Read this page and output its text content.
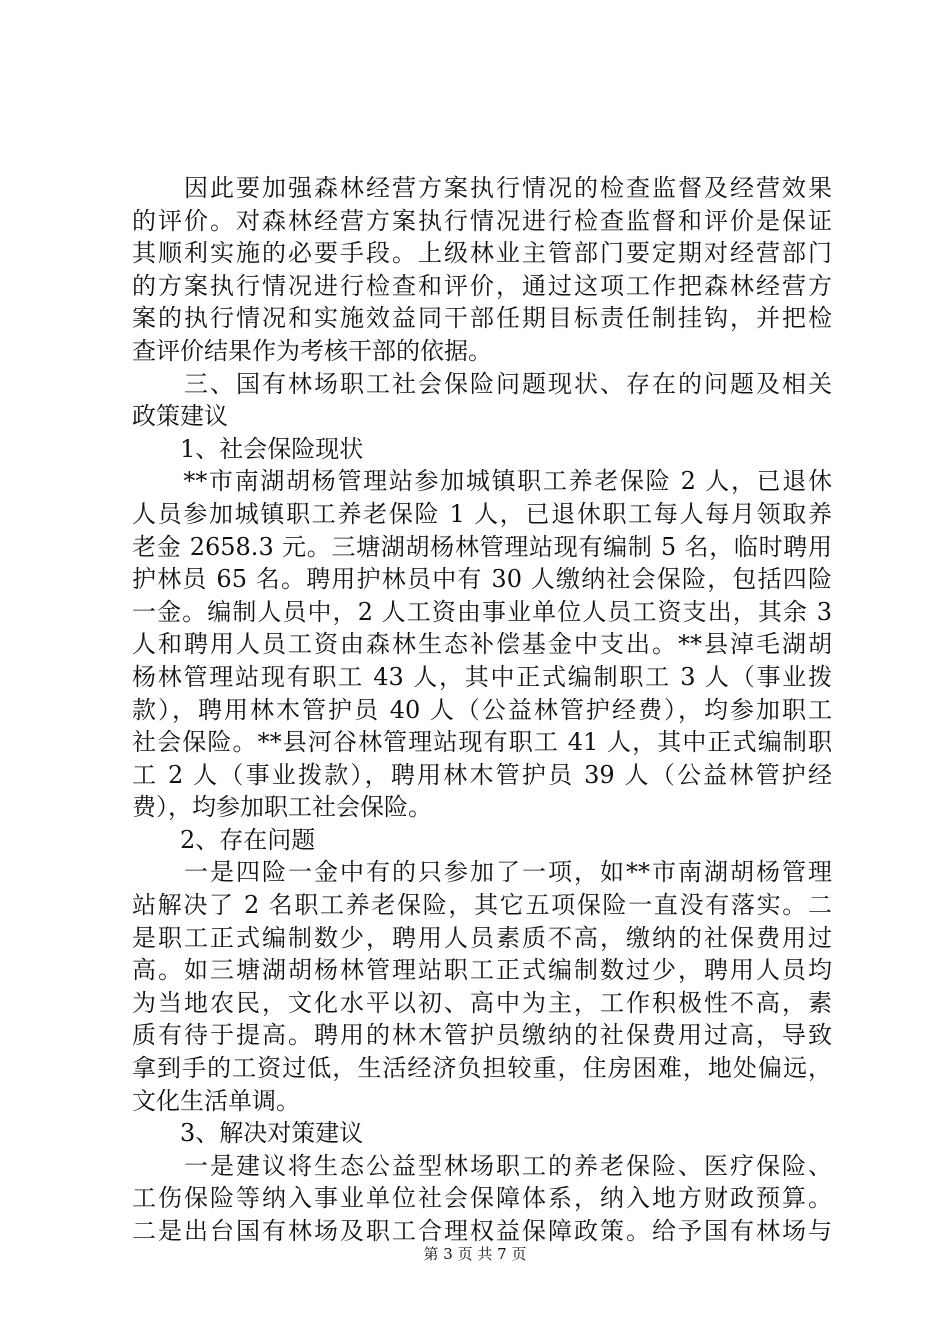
　　因此要加强森林经营方案执行情况的检查监督及经营效果
的评价。对森林经营方案执行情况进行检查监督和评价是保证
其顺利实施的必要手段。上级林业主管部门要定期对经营部门
的方案执行情况进行检查和评价，通过这项工作把森林经营方
案的执行情况和实施效益同干部任期目标责任制挂钩，并把检
查评价结果作为考核干部的依据。
　　三、国有林场职工社会保险问题现状、存在的问题及相关
政策建议
　　1、社会保险现状
　　**市南湖胡杨管理站参加城镇职工养老保险 2 人，已退休
人员参加城镇职工养老保险 1 人，已退休职工每人每月领取养
老金 2658.3 元。三塘湖胡杨林管理站现有编制 5 名，临时聘用
护林员 65 名。聘用护林员中有 30 人缴纳社会保险，包括四险
一金。编制人员中，2 人工资由事业单位人员工资支出，其余 3
人和聘用人员工资由森林生态补偿基金中支出。**县淖毛湖胡
杨林管理站现有职工 43 人，其中正式编制职工 3 人（事业拨
款），聘用林木管护员 40 人（公益林管护经费），均参加职工
社会保险。**县河谷林管理站现有职工 41 人，其中正式编制职
工 2 人（事业拨款），聘用林木管护员 39 人（公益林管护经
费），均参加职工社会保险。
　　2、存在问题
　　一是四险一金中有的只参加了一项，如**市南湖胡杨管理
站解决了 2 名职工养老保险，其它五项保险一直没有落实。二
是职工正式编制数少，聘用人员素质不高，缴纳的社保费用过
高。如三塘湖胡杨林管理站职工正式编制数过少，聘用人员均
为当地农民，文化水平以初、高中为主，工作积极性不高，素
质有待于提高。聘用的林木管护员缴纳的社保费用过高，导致
拿到手的工资过低，生活经济负担较重，住房困难，地处偏远，
文化生活单调。
　　3、解决对策建议
　　一是建议将生态公益型林场职工的养老保险、医疗保险、
工伤保险等纳入事业单位社会保障体系，纳入地方财政预算。
二是出台国有林场及职工合理权益保障政策。给予国有林场与
第 3 页 共 7 页
